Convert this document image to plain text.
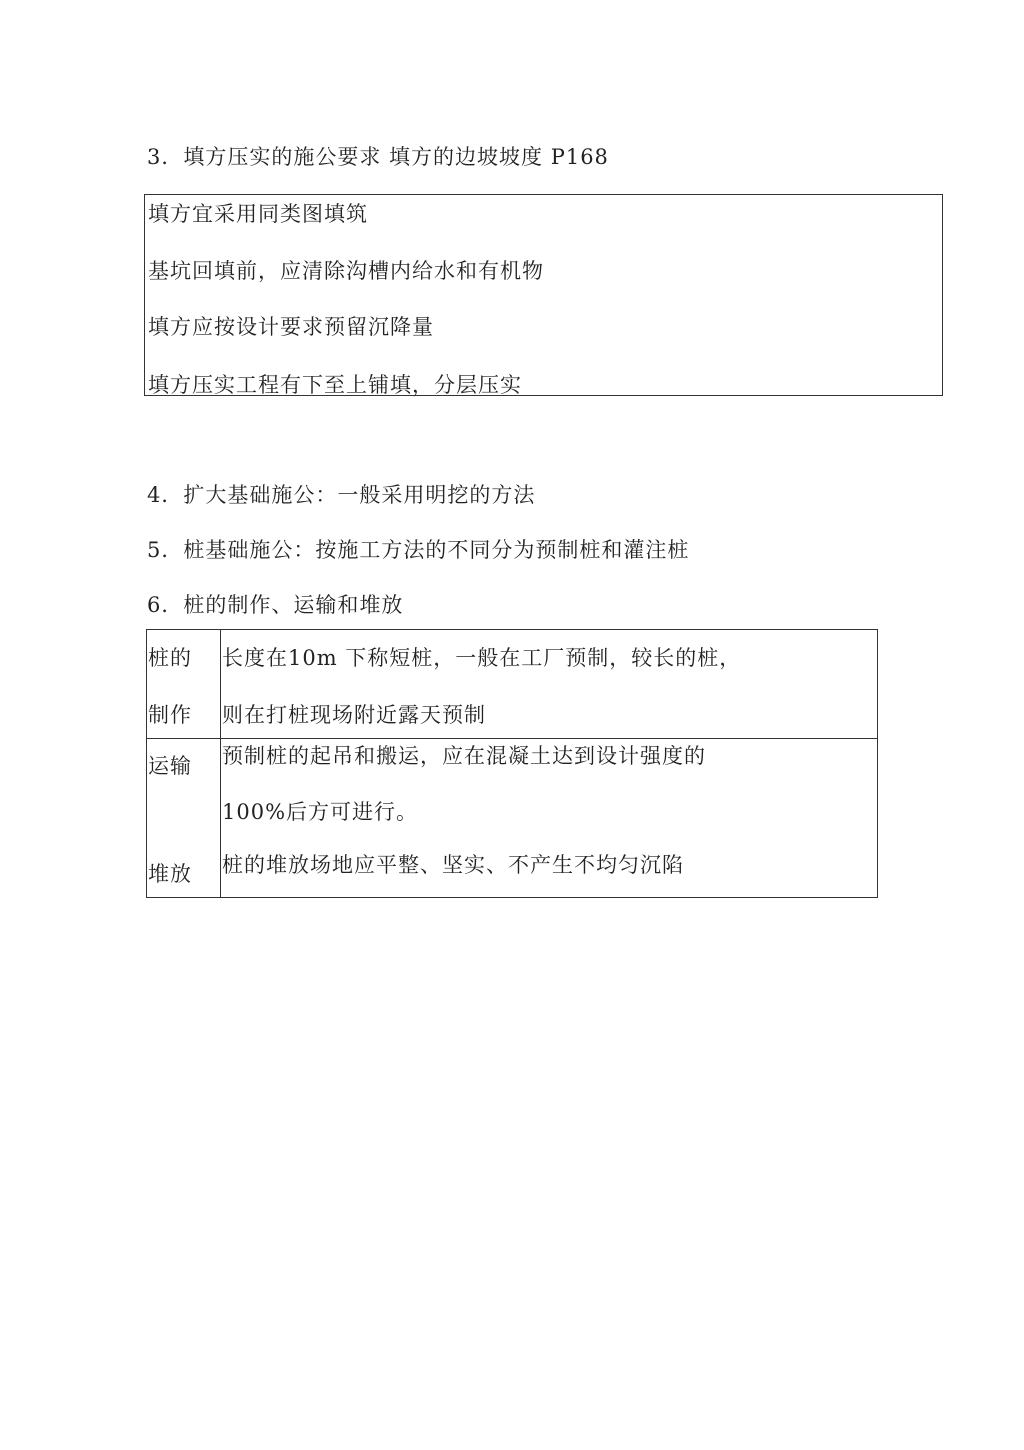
3．填方压实的施公要求 填方的边坡坡度 P168
填方宜采用同类图填筑
基坑回填前，应清除沟槽内给水和有机物
填方应按设计要求预留沉降量
填方压实工程有下至上铺填，分层压实
4．扩大基础施公：一般采用明挖的方法
5．桩基础施公：按施工方法的不同分为预制桩和灌注桩
6．桩的制作、运输和堆放
桩的
制作
长度在10m 下称短桩，一般在工厂预制，较长的桩，
则在打桩现场附近露天预制
运输 预制桩的起吊和搬运，应在混凝土达到设计强度的
100%后方可进行。
堆放 桩的堆放场地应平整、坚实、不产生不均匀沉陷
